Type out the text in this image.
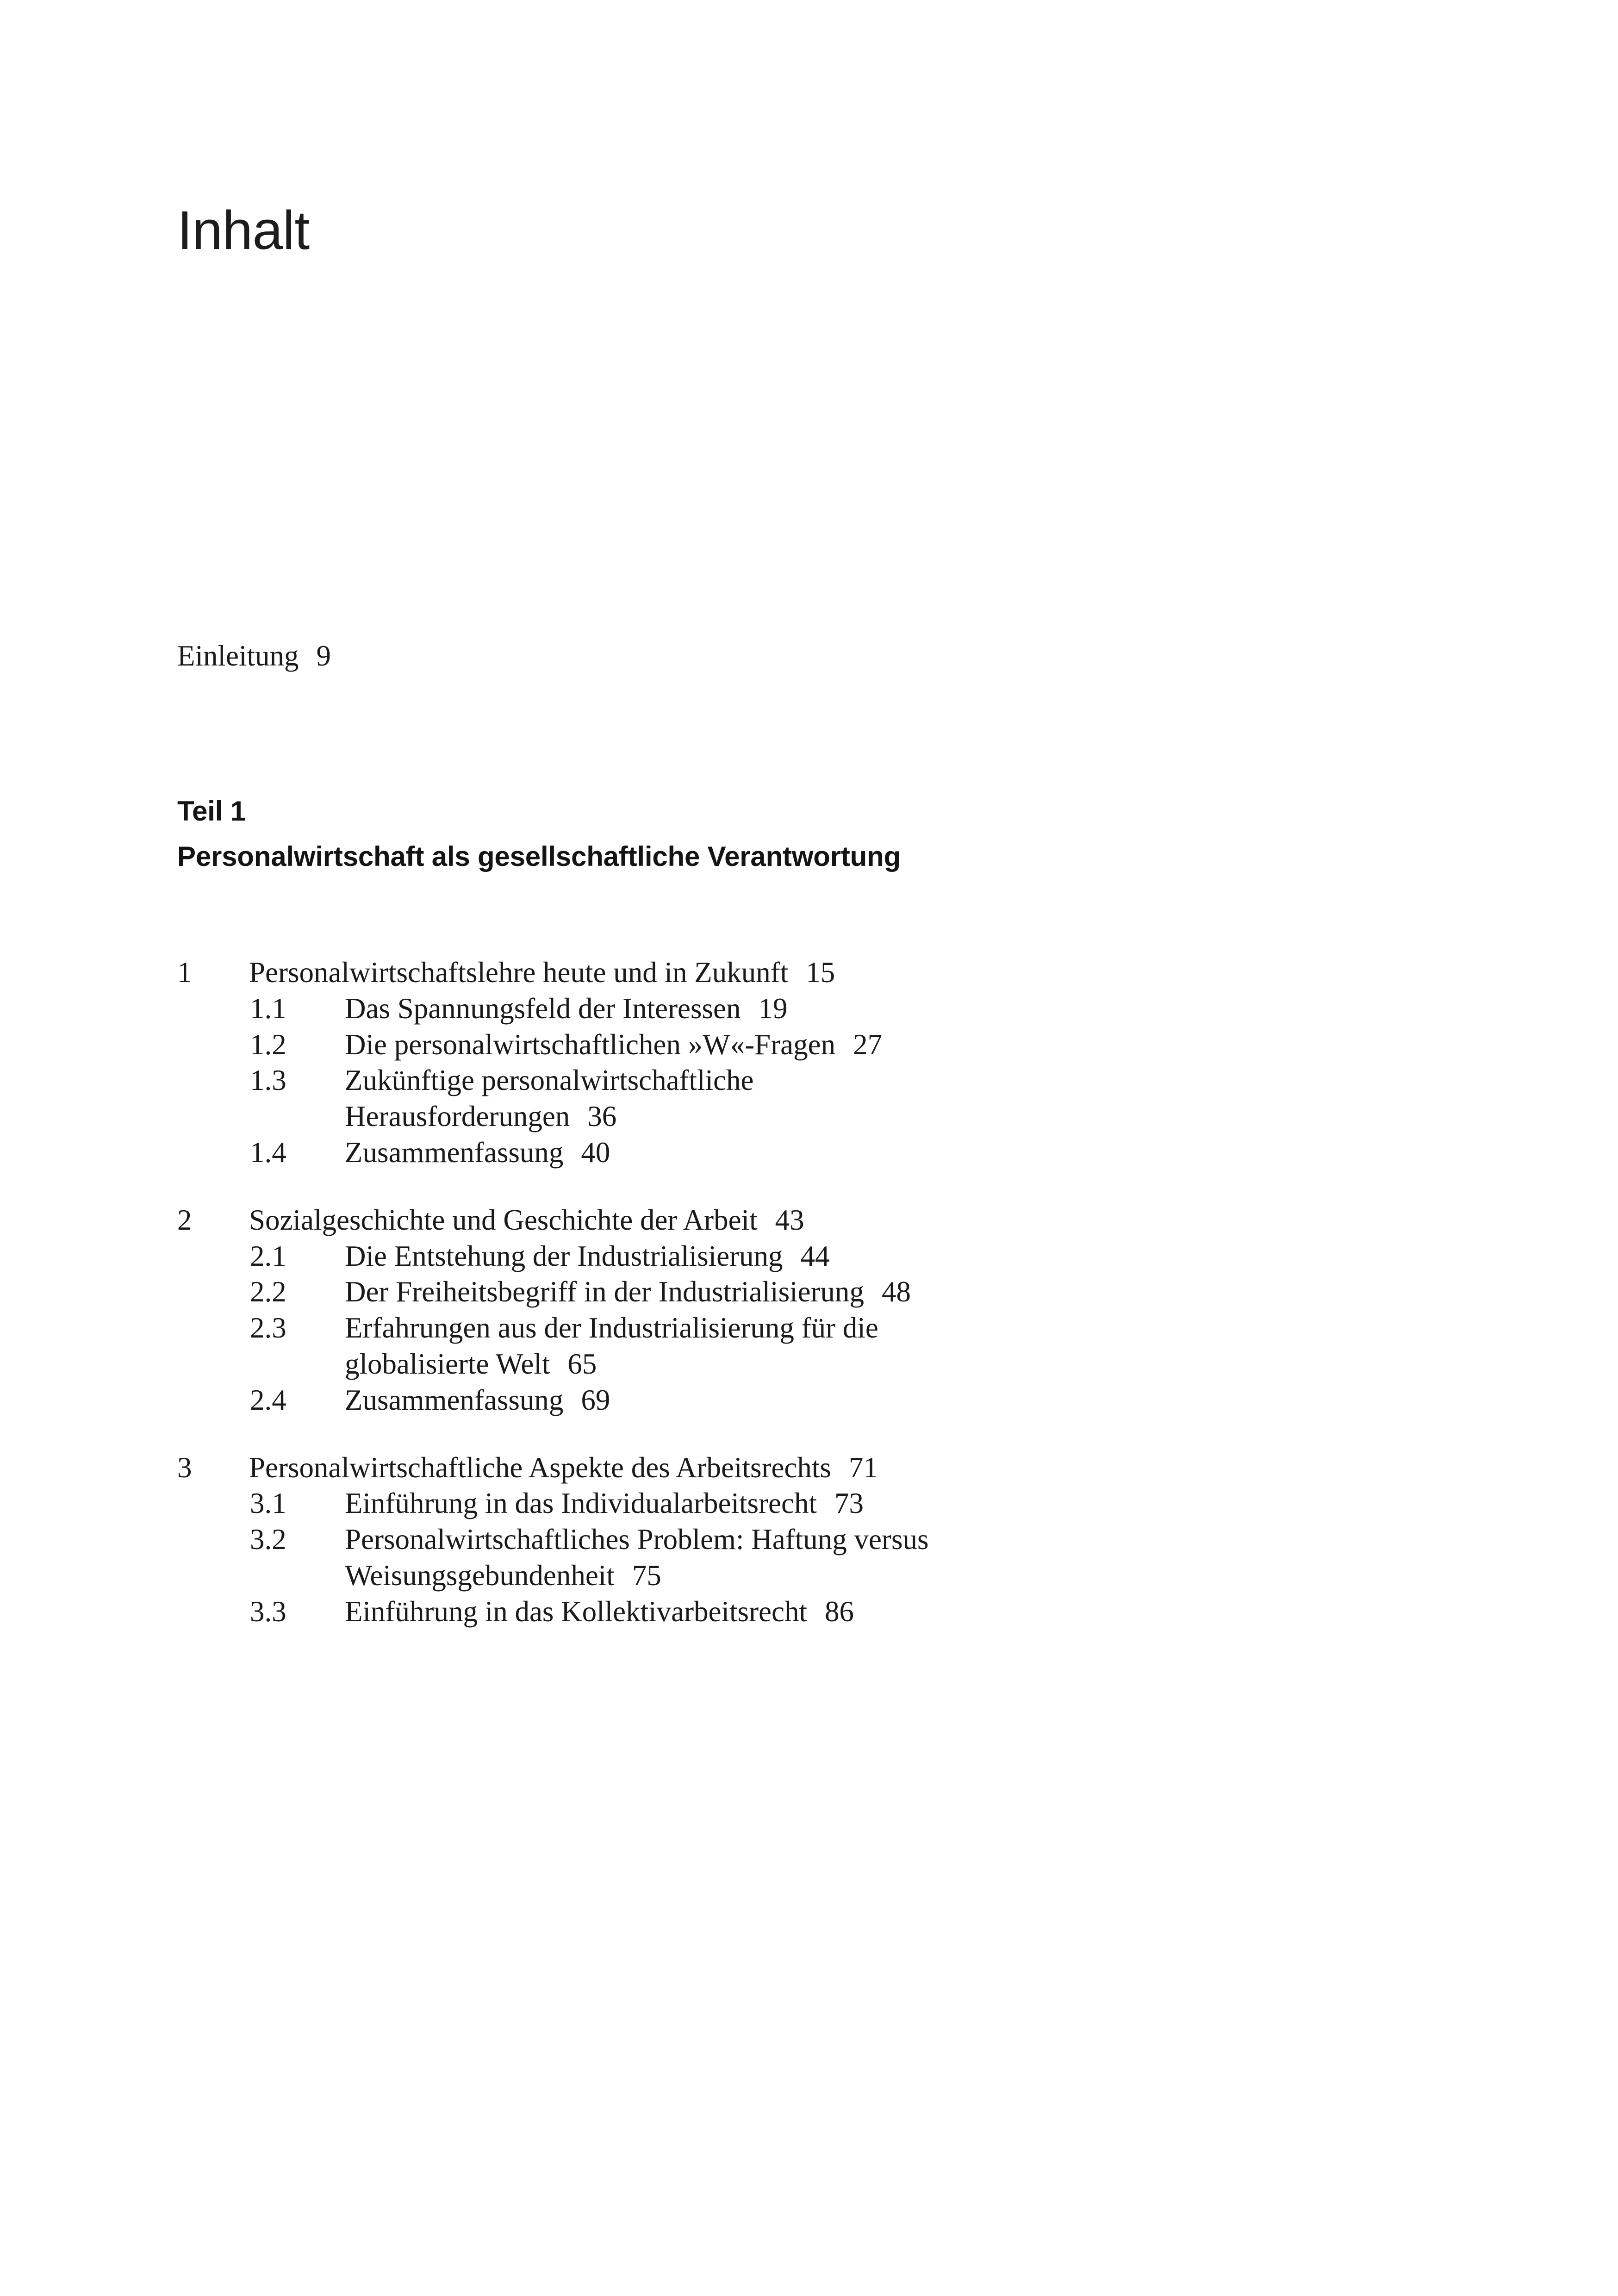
Inhalt
Einleitung 9
Teil 1
Personalwirtschaft als gesellschaftliche Verantwortung
1	Personalwirtschaftslehre heute und in Zukunft 15
1.1	Das Spannungsfeld der Interessen 19
1.2	Die personalwirtschaftlichen »W«-Fragen 27
1.3	Zukünftige personalwirtschaftliche
Herausforderungen 36
1.4	Zusammenfassung 40
2	Sozialgeschichte und Geschichte der Arbeit 43
2.1	Die Entstehung der Industrialisierung 44
2.2	Der Freiheitsbegriff in der Industrialisierung 48
2.3	Erfahrungen aus der Industrialisierung für die
globalisierte Welt 65
2.4	Zusammenfassung 69
3	Personalwirtschaftliche Aspekte des Arbeitsrechts 71
3.1	Einführung in das Individualarbeitsrecht 73
3.2	Personalwirtschaftliches Problem: Haftung versus
Weisungsgebundenheit 75
3.3	Einführung in das Kollektivarbeitsrecht 86
